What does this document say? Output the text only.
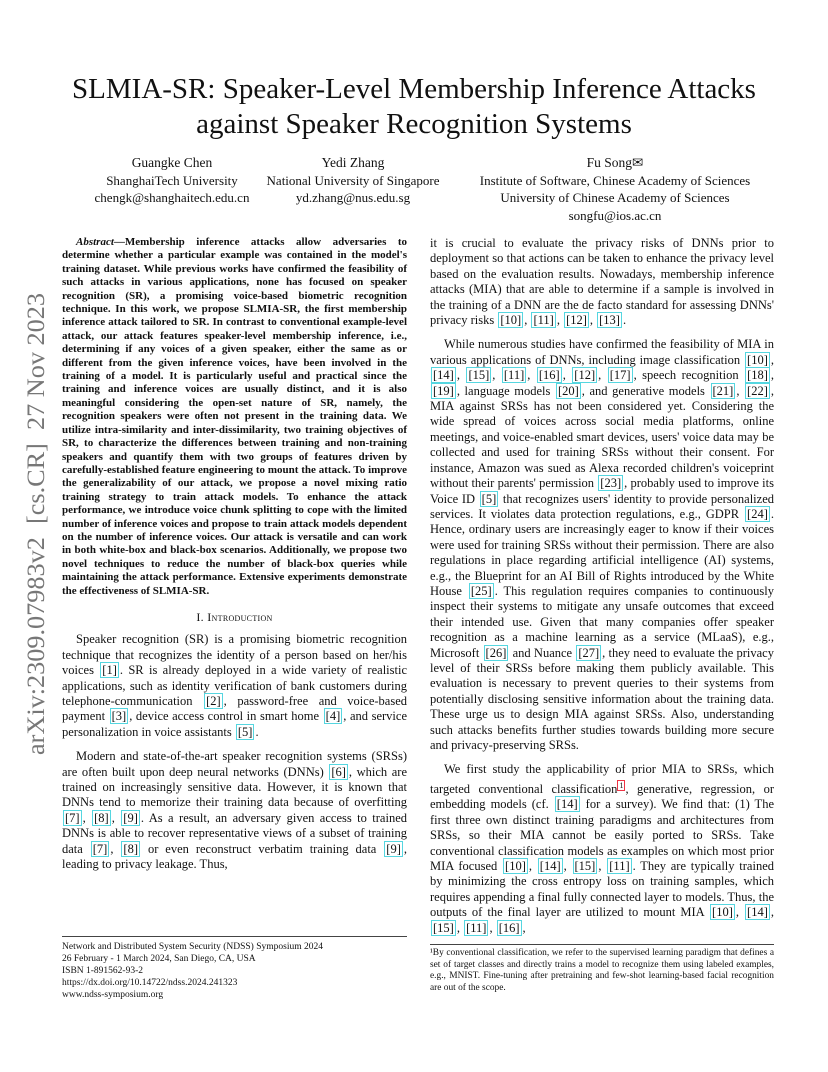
arXiv:2309.07983v2  [cs.CR]  27 Nov 2023
SLMIA-SR: Speaker-Level Membership Inference Attacks against Speaker Recognition Systems
Guangke Chen
ShanghaiTech University
chengk@shanghaitech.edu.cn
Yedi Zhang
National University of Singapore
yd.zhang@nus.edu.sg
Fu Song✉
Institute of Software, Chinese Academy of Sciences
University of Chinese Academy of Sciences
songfu@ios.ac.cn

Abstract—Membership inference attacks allow adversaries to determine whether a particular example was contained in the model's training dataset. While previous works have confirmed the feasibility of such attacks in various applications, none has focused on speaker recognition (SR), a promising voice-based biometric recognition technique. In this work, we propose SLMIA-SR, the first membership inference attack tailored to SR. In contrast to conventional example-level attack, our attack features speaker-level membership inference, i.e., determining if any voices of a given speaker, either the same as or different from the given inference voices, have been involved in the training of a model. It is particularly useful and practical since the training and inference voices are usually distinct, and it is also meaningful considering the open-set nature of SR, namely, the recognition speakers were often not present in the training data. We utilize intra-similarity and inter-dissimilarity, two training objectives of SR, to characterize the differences between training and non-training speakers and quantify them with two groups of features driven by carefully-established feature engineering to mount the attack. To improve the generalizability of our attack, we propose a novel mixing ratio training strategy to train attack models. To enhance the attack performance, we introduce voice chunk splitting to cope with the limited number of inference voices and propose to train attack models dependent on the number of inference voices. Our attack is versatile and can work in both white-box and black-box scenarios. Additionally, we propose two novel techniques to reduce the number of black-box queries while maintaining the attack performance. Extensive experiments demonstrate the effectiveness of SLMIA-SR.

I. Introduction

Speaker recognition (SR) is a promising biometric recognition technique that recognizes the identity of a person based on her/his voices [1] . SR is already deployed in a wide variety of realistic applications, such as identity verification of bank customers during telephone-communication [2] , password-free and voice-based payment [3] , device access control in smart home [4] , and service personalization in voice assistants [5] .

Modern and state-of-the-art speaker recognition systems (SRSs) are often built upon deep neural networks (DNNs) [6] , which are trained on increasingly sensitive data. However, it is known that DNNs tend to memorize their training data because of overfitting [7] , [8] , [9] . As a result, an adversary given access to trained DNNs is able to recover representative views of a subset of training data [7] , [8] or even reconstruct verbatim training data [9] , leading to privacy leakage. Thus,

it is crucial to evaluate the privacy risks of DNNs prior to deployment so that actions can be taken to enhance the privacy level based on the evaluation results. Nowadays, membership inference attacks (MIA) that are able to determine if a sample is involved in the training of a DNN are the de facto standard for assessing DNNs' privacy risks [10] , [11] , [12] , [13] .

While numerous studies have confirmed the feasibility of MIA in various applications of DNNs, including image classification [10] , [14] , [15] , [11] , [16] , [12] , [17] , speech recognition [18] , [19] , language models [20] , and generative models [21] , [22] , MIA against SRSs has not been considered yet. Considering the wide spread of voices across social media platforms, online meetings, and voice-enabled smart devices, users' voice data may be collected and used for training SRSs without their consent. For instance, Amazon was sued as Alexa recorded children's voiceprint without their parents' permission [23] , probably used to improve its Voice ID [5] that recognizes users' identity to provide personalized services. It violates data protection regulations, e.g., GDPR [24] . Hence, ordinary users are increasingly eager to know if their voices were used for training SRSs without their permission. There are also regulations in place regarding artificial intelligence (AI) systems, e.g., the Blueprint for an AI Bill of Rights introduced by the White House [25] . This regulation requires companies to continuously inspect their systems to mitigate any unsafe outcomes that exceed their intended use. Given that many companies offer speaker recognition as a machine learning as a service (MLaaS), e.g., Microsoft [26] and Nuance [27] , they need to evaluate the privacy level of their SRSs before making them publicly available. This evaluation is necessary to prevent queries to their systems from potentially disclosing sensitive information about the training data. These urge us to design MIA against SRSs. Also, understanding such attacks benefits further studies towards building more secure and privacy-preserving SRSs.

We first study the applicability of prior MIA to SRSs, which targeted conventional classification $^1$ , generative, regression, or embedding models (cf. [14] for a survey). We find that: (1) The first three own distinct training paradigms and architectures from SRSs, so their MIA cannot be easily ported to SRSs. Take conventional classification models as examples on which most prior MIA focused [10] , [14] , [15] , [11] . They are typically trained by minimizing the cross entropy loss on training samples, which requires appending a final fully connected layer to models. Thus, the outputs of the final layer are utilized to mount MIA [10] , [14] , [15] , [11] , [16] ,

Network and Distributed System Security (NDSS) Symposium 2024
26 February - 1 March 2024, San Diego, CA, USA
ISBN 1-891562-93-2
https://dx.doi.org/10.14722/ndss.2024.241323
www.ndss-symposium.org
¹By conventional classification, we refer to the supervised learning paradigm that defines a set of target classes and directly trains a model to recognize them using labeled examples, e.g., MNIST. Fine-tuning after pretraining and few-shot learning-based facial recognition are out of the scope.
